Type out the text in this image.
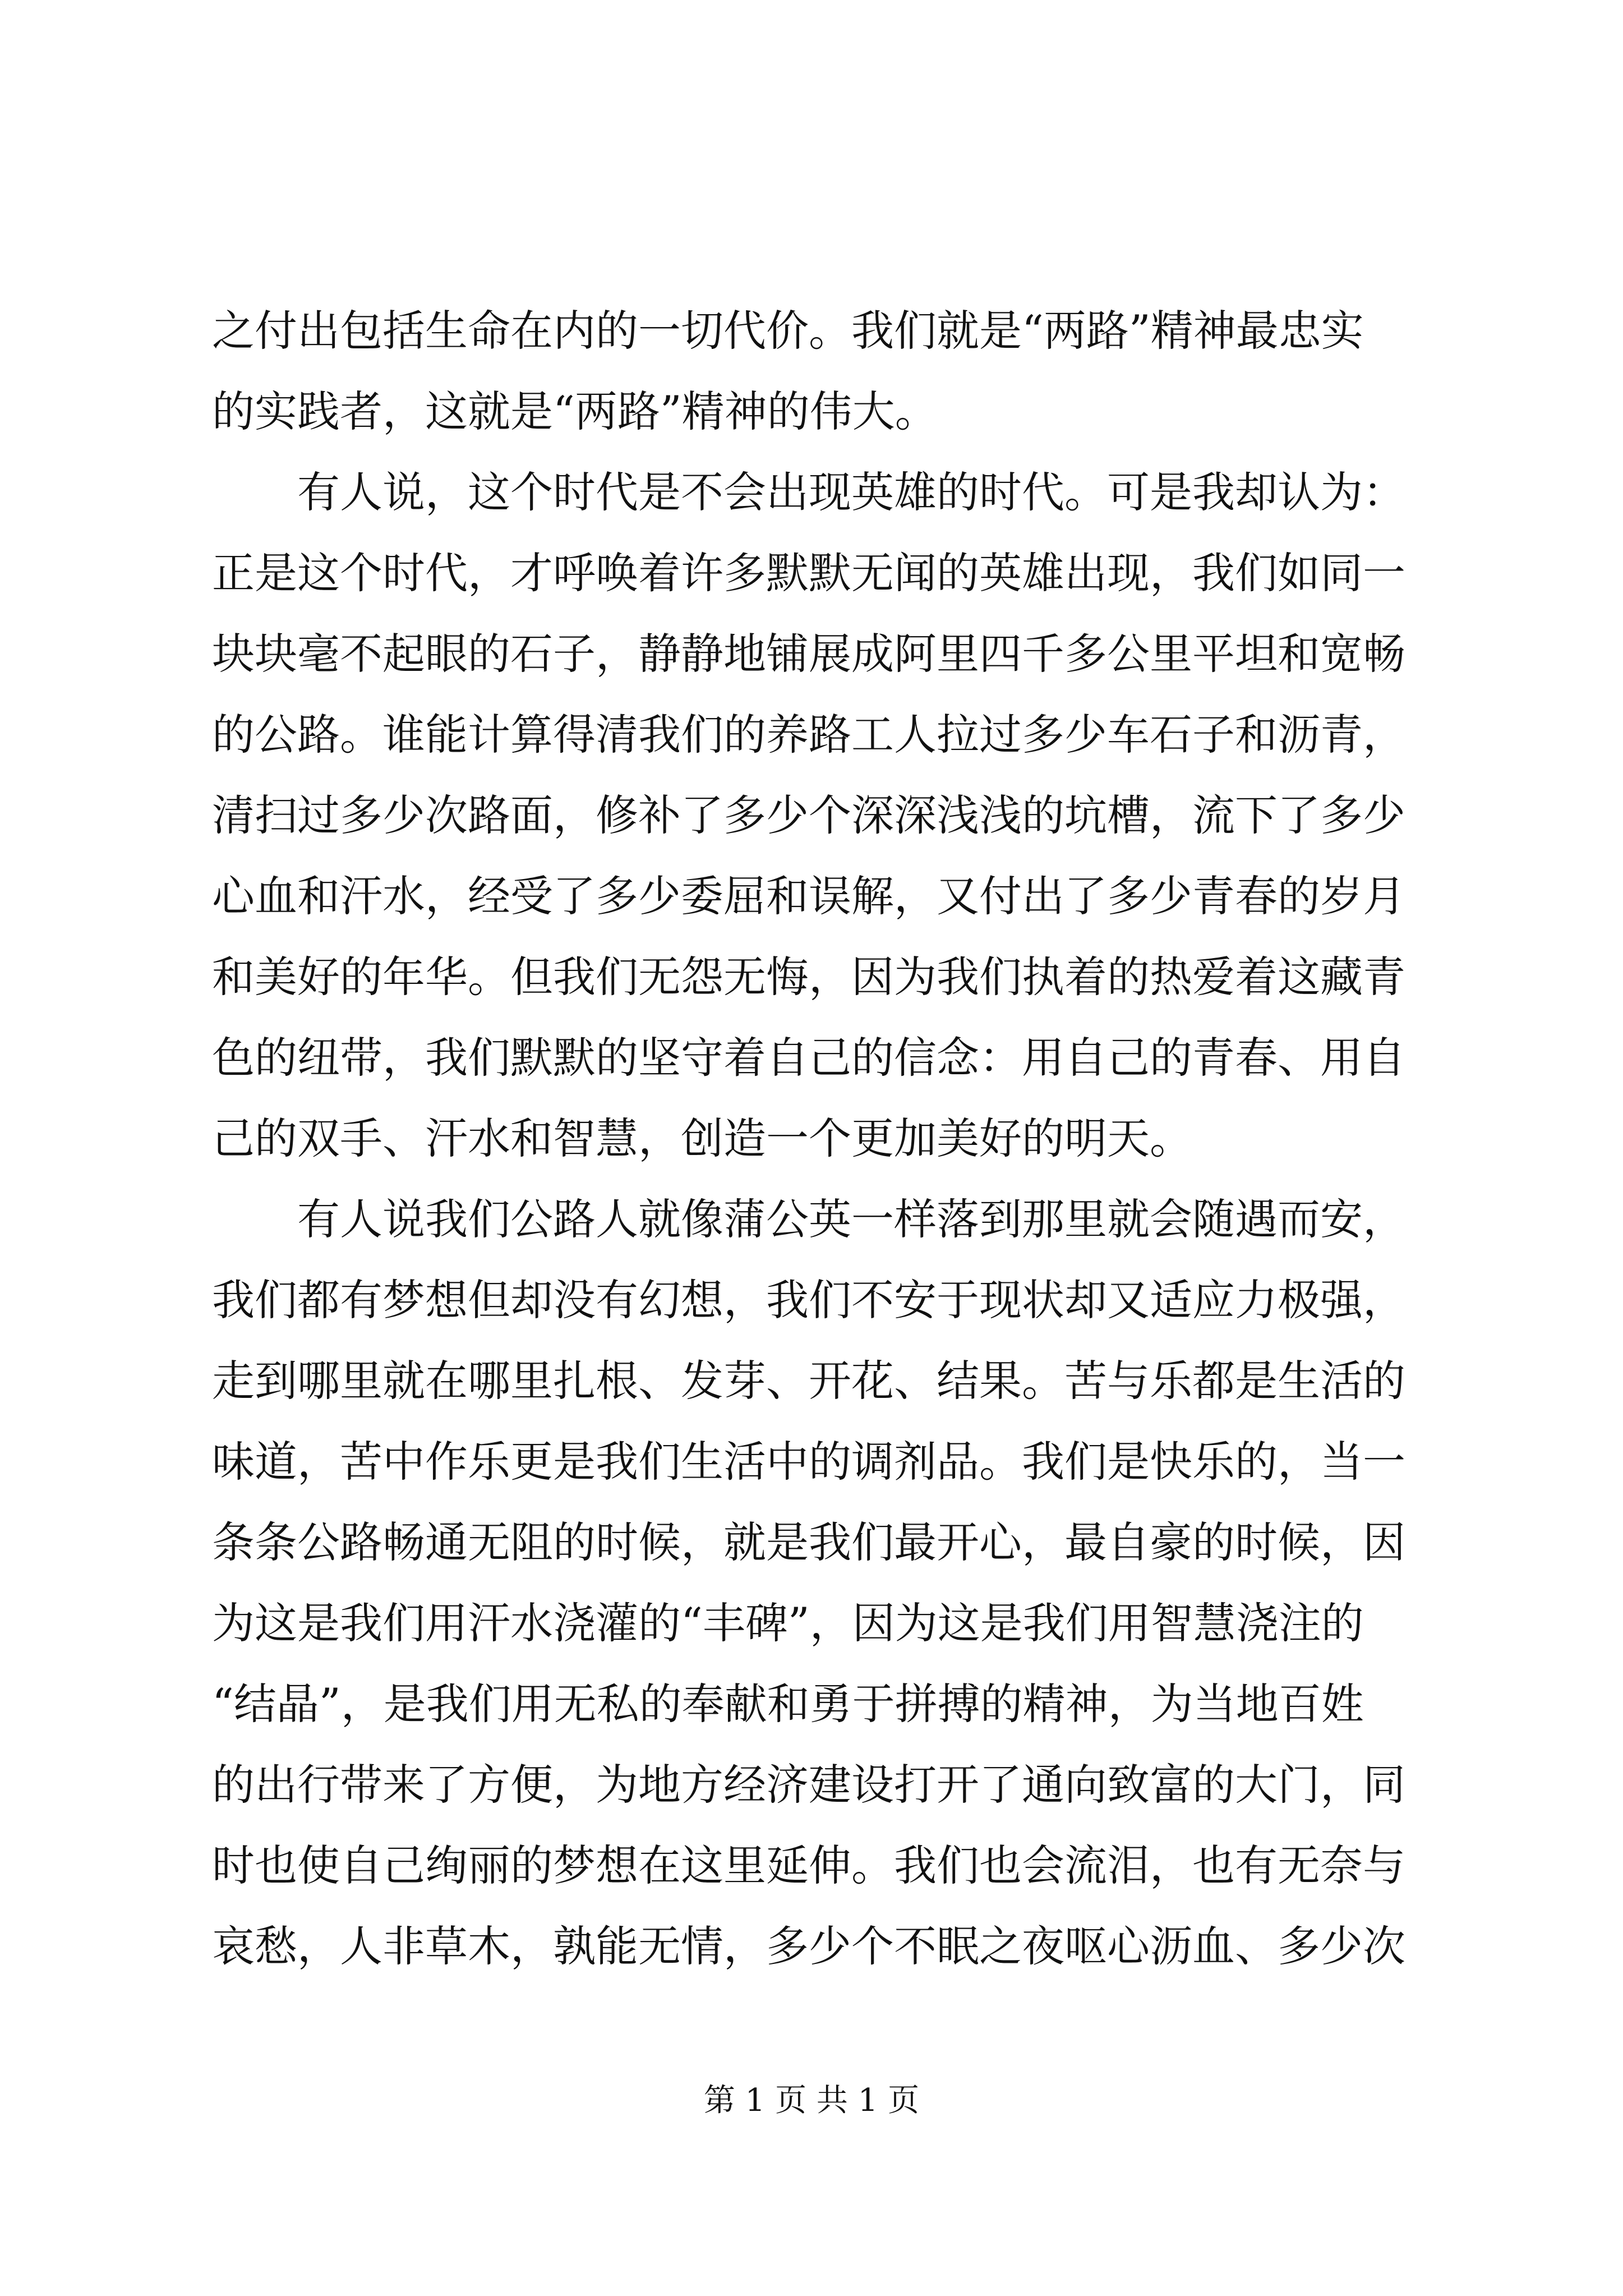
之付出包括生命在内的一切代价。我们就是“两路”精神最忠实
的实践者，这就是“两路”精神的伟大。
有人说，这个时代是不会出现英雄的时代。可是我却认为：
正是这个时代，才呼唤着许多默默无闻的英雄出现，我们如同一
块块毫不起眼的石子，静静地铺展成阿里四千多公里平坦和宽畅
的公路。谁能计算得清我们的养路工人拉过多少车石子和沥青，
清扫过多少次路面，修补了多少个深深浅浅的坑槽，流下了多少
心血和汗水，经受了多少委屈和误解，又付出了多少青春的岁月
和美好的年华。但我们无怨无悔，因为我们执着的热爱着这藏青
色的纽带，我们默默的坚守着自己的信念：用自己的青春、用自
己的双手、汗水和智慧，创造一个更加美好的明天。
有人说我们公路人就像蒲公英一样落到那里就会随遇而安，
我们都有梦想但却没有幻想，我们不安于现状却又适应力极强，
走到哪里就在哪里扎根、发芽、开花、结果。苦与乐都是生活的
味道，苦中作乐更是我们生活中的调剂品。我们是快乐的，当一
条条公路畅通无阻的时候，就是我们最开心，最自豪的时候，因
为这是我们用汗水浇灌的“丰碑”，因为这是我们用智慧浇注的
“结晶”，是我们用无私的奉献和勇于拼搏的精神，为当地百姓
的出行带来了方便，为地方经济建设打开了通向致富的大门，同
时也使自己绚丽的梦想在这里延伸。我们也会流泪，也有无奈与
哀愁，人非草木，孰能无情，多少个不眠之夜呕心沥血、多少次
第 1 页 共 1 页
